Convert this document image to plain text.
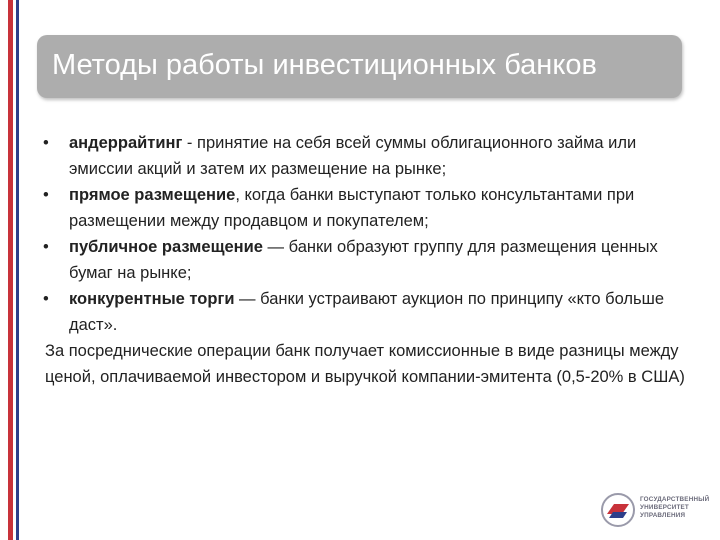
Методы работы инвестиционных банков
• андеррайтинг - принятие на себя всей суммы облигационного займа или эмиссии акций и затем их размещение на рынке;
• прямое размещение, когда банки выступают только консультантами при размещении между продавцом и покупателем;
• публичное размещение — банки образуют группу для размещения ценных бумаг на рынке;
• конкурентные торги — банки устраивают аукцион по принципу «кто больше даст».

За посреднические операции банк получает комиссионные в виде разницы между ценой, оплачиваемой инвестором и выручкой компании-эмитента (0,5-20% в США)

ГОСУДАРСТВЕННЫЙ
УНИВЕРСИТЕТ
УПРАВЛЕНИЯ
